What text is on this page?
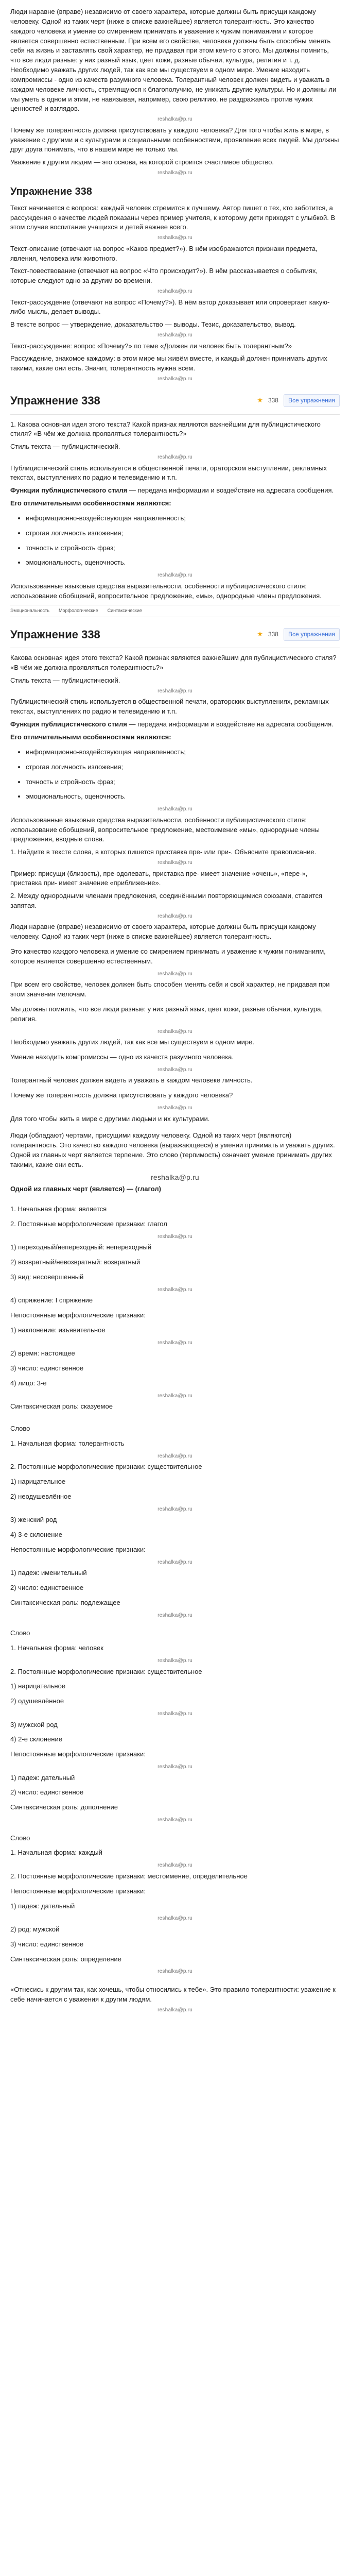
Люди наравне (вправе) независимо от своего характера, которые должны быть присущи каждому человеку. Одной из таких черт (ниже в списке важнейшее) является толерантность. Это качество каждого человека и умение со смирением принимать и уважение к чужим пониманиям и которое является совершенно естественным. При всем его свойстве, человека должны быть способны менять себя на жизнь и заставлять свой характер, не придавая при этом кем-то с этого. Мы должны помнить, что все люди разные: у них разный язык, цвет кожи, разные обычаи, культура, религия и т. д. Необходимо уважать других людей, так как все мы существуем в одном мире. Умение находить компромиссы - одно из качеств разумного человека. Толерантный человек должен видеть и уважать в каждом человеке личность, стремящуюся к благополучию, не унижать другие культуры. Но и должны ли мы уметь в одном и этим, не навязывая, например, свою религию, не раздражаясь против чужих ценностей и взглядов.

reshalka@p.ru

Почему же толерантность должна присутствовать у каждого человека? Для того чтобы жить в мире, в уважение с другими и с культурами и социальными особенностями, проявление всех людей. Мы должны друг друга понимать, что в нашем мире не только мы.

Уважение к другим людям — это основа, на которой строится счастливое общество.

reshalka@p.ru
Упражнение 338

Текст начинается с вопроса: каждый человек стремится к лучшему. Автор пишет о тех, кто заботится, а рассуждения о качестве людей показаны через пример учителя, к которому дети приходят с улыбкой. В этом случае воспитание учащихся и детей важнее всего.

reshalka@p.ru

Текст-описание (отвечают на вопрос «Каков предмет?»). В нём изображаются признаки предмета, явления, человека или животного.

Текст-повествование (отвечают на вопрос «Что происходит?»). В нём рассказывается о событиях, которые следуют одно за другим во времени.

reshalka@p.ru

Текст-рассуждение (отвечают на вопрос «Почему?»). В нём автор доказывает или опровергает какую-либо мысль, делает выводы.

В тексте вопрос — утверждение, доказательство — выводы. Тезис, доказательство, вывод.

reshalka@p.ru

Текст-рассуждение: вопрос «Почему?» по теме «Должен ли человек быть толерантным?»

Рассуждение, знакомое каждому: в этом мире мы живём вместе, и каждый должен принимать других такими, какие они есть. Значит, толерантность нужна всем.

reshalka@p.ru
Упражнение 338	★ 338	Все упражнения

1. Какова основная идея этого текста? Какой признак являются важнейшим для публицистического стиля? «В чём же должна проявляться толерантность?»

Стиль текста — публицистический.

reshalka@p.ru

Публицистический стиль используется в общественной печати, ораторском выступлении, рекламных текстах, выступлениях по радио и телевидению и т.п.

Функции публицистического стиля — передача информации и воздействие на адресата сообщения.

Его отличительными особенностями являются:

• информационно-воздействующая направленность;
• строгая логичность изложения;
• точность и стройность фраз;
• эмоциональность, оценочность.
reshalka@p.ru

Использованные языковые средства выразительности, особенности публицистического стиля: использование обобщений, вопросительное предложение, «мы», однородные члены предложения.

Эмоциональность Морфологические Синтаксические
Упражнение 338	★ 338	Все упражнения

Какова основная идея этого текста? Какой признак являются важнейшим для публицистического стиля? «В чём же должна проявляться толерантность?»

Стиль текста — публицистический.

reshalka@p.ru

Публицистический стиль используется в общественной печати, ораторских выступлениях, рекламных текстах, выступлениях по радио и телевидению и т.п.

Функция публицистического стиля — передача информации и воздействие на адресата сообщения.

Его отличительными особенностями являются:

• информационно-воздействующая направленность;
• строгая логичность изложения;
• точность и стройность фраз;
• эмоциональность, оценочность.
reshalka@p.ru

Использованные языковые средства выразительности, особенности публицистического стиля: использование обобщений, вопросительное предложение, местоимение «мы», однородные члены предложения, вводные слова.

1. Найдите в тексте слова, в которых пишется приставка пре- или при-. Объясните правописание.

reshalka@p.ru

Пример: присущи (близость), пре-одолевать, приставка пре- имеет значение «очень», «пере-», приставка при- имеет значение «приближение».

2. Между однородными членами предложения, соединёнными повторяющимися союзами, ставится запятая.

reshalka@p.ru

Люди наравне (вправе) независимо от своего характера, которые должны быть присущи каждому человеку. Одной из таких черт (ниже в списке важнейшее) является толерантность.

Это качество каждого человека и умение со смирением принимать и уважение к чужим пониманиям, которое является совершенно естественным.

reshalka@p.ru

При всем его свойстве, человек должен быть способен менять себя и свой характер, не придавая при этом значения мелочам.

Мы должны помнить, что все люди разные: у них разный язык, цвет кожи, разные обычаи, культура, религия.

reshalka@p.ru

Необходимо уважать других людей, так как все мы существуем в одном мире.

Умение находить компромиссы — одно из качеств разумного человека.

reshalka@p.ru

Толерантный человек должен видеть и уважать в каждом человеке личность.

Почему же толерантность должна присутствовать у каждого человека?

reshalka@p.ru

Для того чтобы жить в мире с другими людьми и их культурами.

Люди (обладают) чертами, присущими каждому человеку. Одной из таких черт (являются) толерантность. Это качество каждого человека (выражающееся) в умении принимать и уважать других. Одной из главных черт является терпение. Это слово (терпимость) означает умение принимать других такими, какие они есть.

reshalka@p.ru

Одной из главных черт (является) — (глагол)

1. Начальная форма: является

2. Постоянные морфологические признаки: глагол

reshalka@p.ru

1) переходный/непереходный: непереходный

2) возвратный/невозвратный: возвратный

3) вид: несовершенный

reshalka@p.ru

4) спряжение: I спряжение

Непостоянные морфологические признаки:

1) наклонение: изъявительное

reshalka@p.ru

2) время: настоящее

3) число: единственное

4) лицо: 3-е

reshalka@p.ru

Синтаксическая роль: сказуемое

Слово

1. Начальная форма: толерантность

reshalka@p.ru

2. Постоянные морфологические признаки: существительное

1) нарицательное

2) неодушевлённое

reshalka@p.ru

3) женский род

4) 3-е склонение

Непостоянные морфологические признаки:

reshalka@p.ru

1) падеж: именительный

2) число: единственное

Синтаксическая роль: подлежащее

reshalka@p.ru

Слово

1. Начальная форма: человек

reshalka@p.ru

2. Постоянные морфологические признаки: существительное

1) нарицательное

2) одушевлённое

reshalka@p.ru

3) мужской род

4) 2-е склонение

Непостоянные морфологические признаки:

reshalka@p.ru

1) падеж: дательный

2) число: единственное

Синтаксическая роль: дополнение

reshalka@p.ru

Слово

1. Начальная форма: каждый

reshalka@p.ru

2. Постоянные морфологические признаки: местоимение, определительное

Непостоянные морфологические признаки:

1) падеж: дательный

reshalka@p.ru

2) род: мужской

3) число: единственное

Синтаксическая роль: определение

reshalka@p.ru

«Отнесись к другим так, как хочешь, чтобы относились к тебе». Это правило толерантности: уважение к себе начинается с уважения к другим людям.

reshalka@p.ru
